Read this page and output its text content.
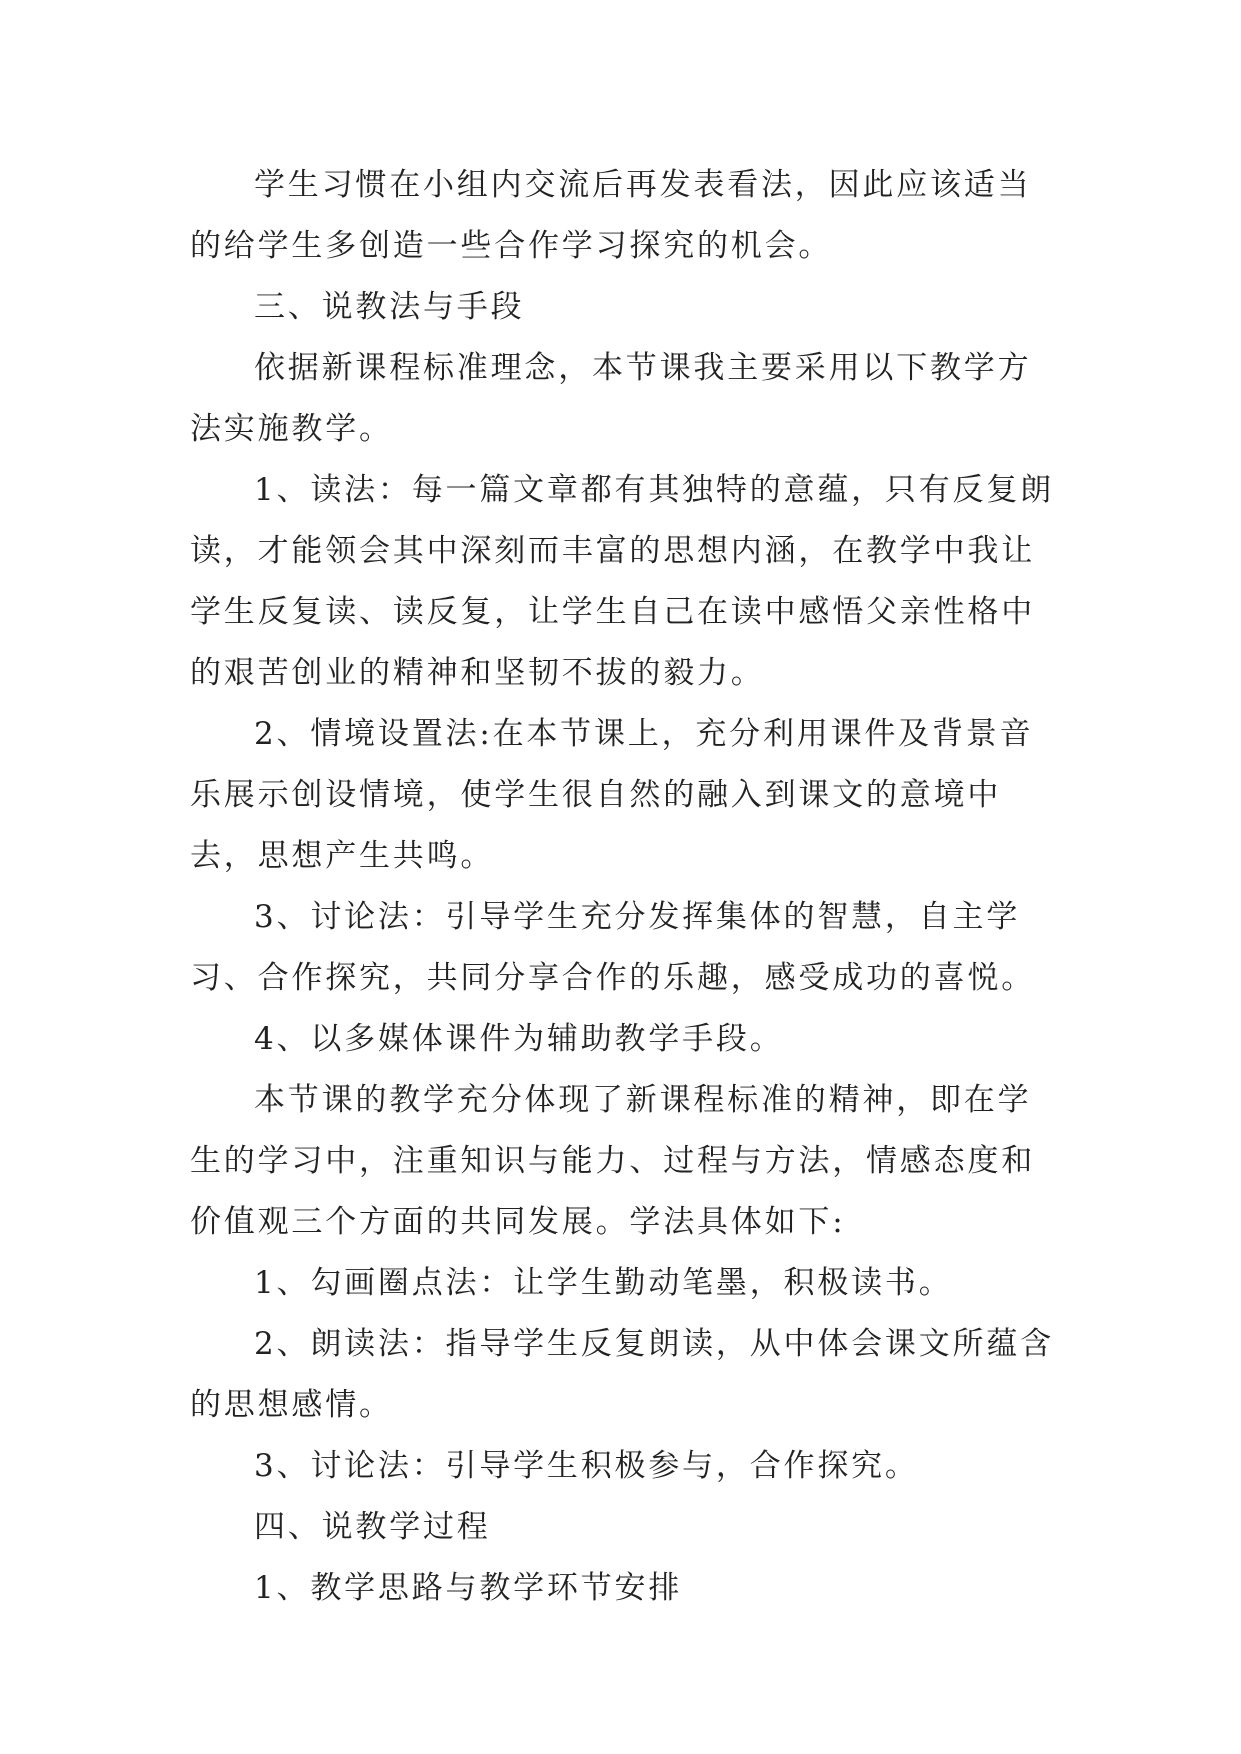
学生习惯在小组内交流后再发表看法，因此应该适当的给学生多创造一些合作学习探究的机会。

三、说教法与手段

依据新课程标准理念，本节课我主要采用以下教学方法实施教学。

1、读法：每一篇文章都有其独特的意蕴，只有反复朗读，才能领会其中深刻而丰富的思想内涵，在教学中我让学生反复读、读反复，让学生自己在读中感悟父亲性格中的艰苦创业的精神和坚韧不拔的毅力。

2、情境设置法:在本节课上，充分利用课件及背景音乐展示创设情境，使学生很自然的融入到课文的意境中去，思想产生共鸣。

3、讨论法：引导学生充分发挥集体的智慧，自主学习、合作探究，共同分享合作的乐趣，感受成功的喜悦。

4、以多媒体课件为辅助教学手段。

本节课的教学充分体现了新课程标准的精神，即在学生的学习中，注重知识与能力、过程与方法，情感态度和价值观三个方面的共同发展。学法具体如下:

1、勾画圈点法：让学生勤动笔墨，积极读书。

2、朗读法：指导学生反复朗读，从中体会课文所蕴含的思想感情。

3、讨论法：引导学生积极参与，合作探究。

四、说教学过程

1、教学思路与教学环节安排
